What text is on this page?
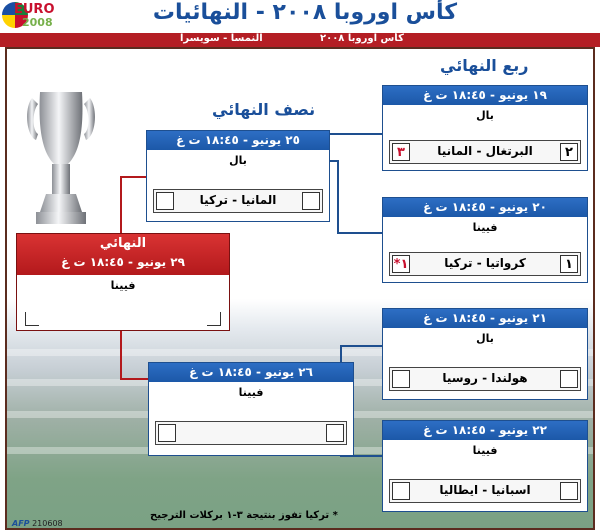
EURO
2008	كأس اوروبا ٢٠٠٨ - النهائيات
النمسا - سويسرا	كأس اوروبا ٢٠٠٨
ربع النهائي
نصف النهائي
١٩ يونيو - ١٨:٤٥ ت غ
بال
٣	البرتغال - المانيا	٢
٢٠ يونيو - ١٨:٤٥ ت غ
فيينا
*١	كرواتيا - تركيا	١
٢١ يونيو - ١٨:٤٥ ت غ
بال
هولندا - روسيا
٢٢ يونيو - ١٨:٤٥ ت غ
فيينا
اسبانيا - ايطاليا
٢٥ يونيو - ١٨:٤٥ ت غ
بال
المانيا - تركيا
٢٦ يونيو - ١٨:٤٥ ت غ
فيينا
النهائي
٢٩ يونيو - ١٨:٤٥ ت غ
فيينا
* تركيا تفوز بنتيجة ٣-١ بركلات الترجيح
AFP 210608
